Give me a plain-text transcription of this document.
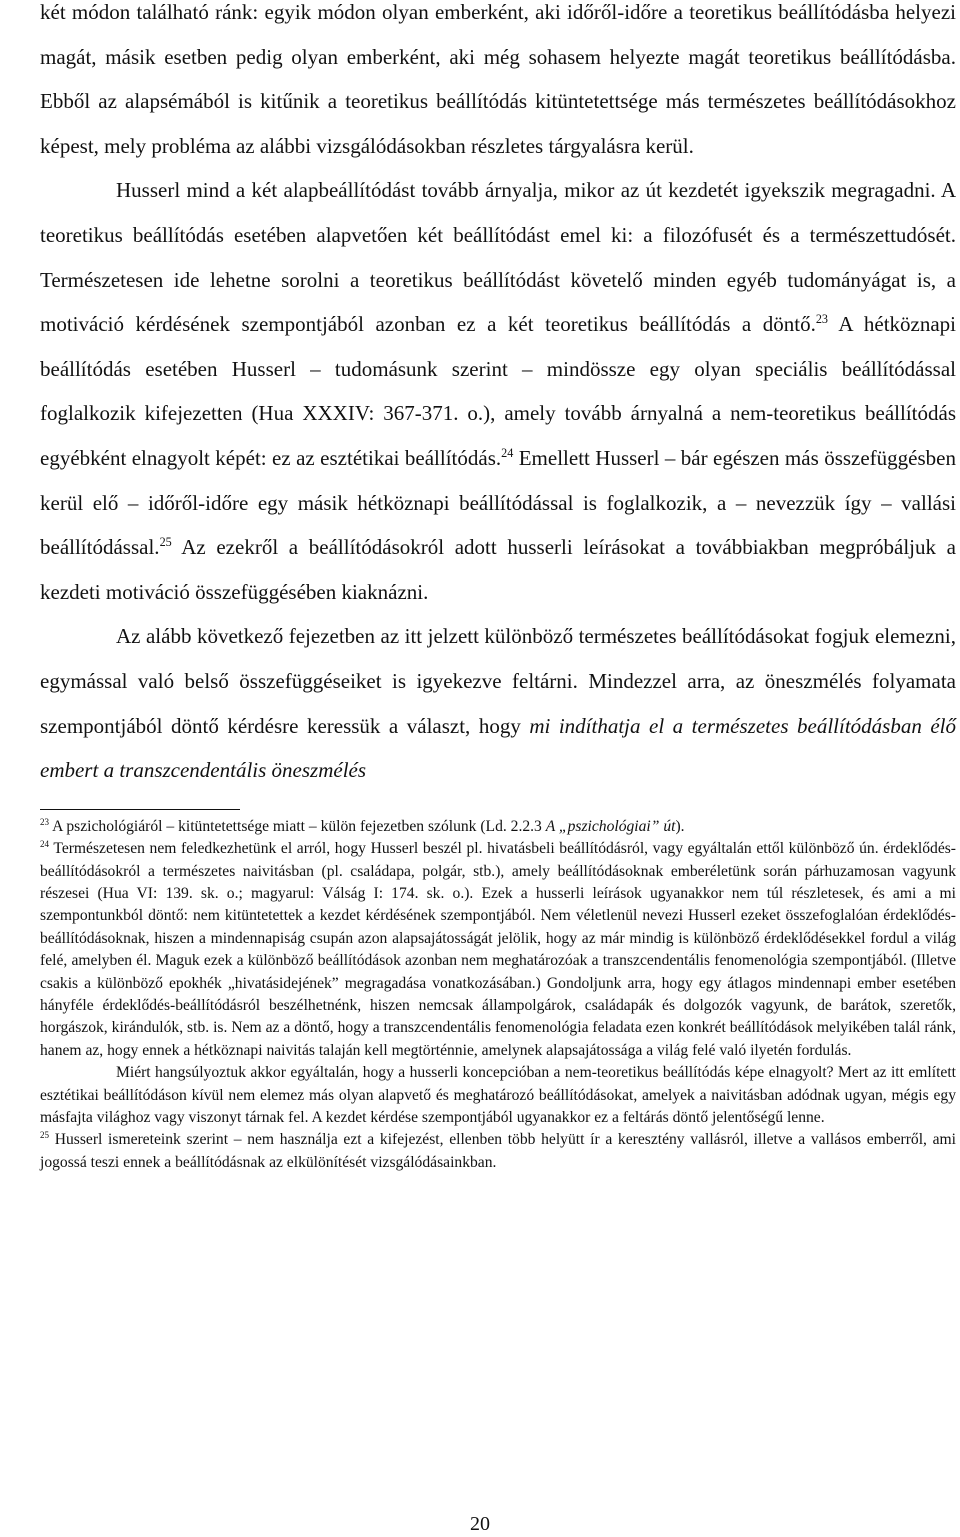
két módon található ránk: egyik módon olyan emberként, aki időről-időre a teoretikus beállítódásba helyezi magát, másik esetben pedig olyan emberként, aki még sohasem helyezte magát teoretikus beállítódásba. Ebből az alapsémából is kitűnik a teoretikus beállítódás kitüntetettsége más természetes beállítódásokhoz képest, mely probléma az alábbi vizsgálódásokban részletes tárgyalásra kerül.

Husserl mind a két alapbeállítódást tovább árnyalja, mikor az út kezdetét igyekszik megragadni. A teoretikus beállítódás esetében alapvetően két beállítódást emel ki: a filozófusét és a természettudósét. Természetesen ide lehetne sorolni a teoretikus beállítódást követelő minden egyéb tudományágat is, a motiváció kérdésének szempontjából azonban ez a két teoretikus beállítódás a döntő.$^{23}$ A hétköznapi beállítódás esetében Husserl – tudomásunk szerint – mindössze egy olyan speciális beállítódással foglalkozik kifejezetten (Hua XXXIV: 367-371. o.), amely tovább árnyalná a nem-teoretikus beállítódás egyébként elnagyolt képét: ez az esztétikai beállítódás.$^{24}$ Emellett Husserl – bár egészen más összefüggésben kerül elő – időről-időre egy másik hétköznapi beállítódással is foglalkozik, a – nevezzük így – vallási beállítódással.$^{25}$ Az ezekről a beállítódásokról adott husserli leírásokat a továbbiakban megpróbáljuk a kezdeti motiváció összefüggésében kiaknázni.

Az alább következő fejezetben az itt jelzett különböző természetes beállítódásokat fogjuk elemezni, egymással való belső összefüggéseiket is igyekezve feltárni. Mindezzel arra, az öneszmélés folyamata szempontjából döntő kérdésre keressük a választ, hogy mi indíthatja el a természetes beállítódásban élő embert a transzcendentális öneszmélés

$^{23}$ A pszichológiáról – kitüntetettsége miatt – külön fejezetben szólunk (Ld. 2.2.3 A „pszichológiai” út).

$^{24}$ Természetesen nem feledkezhetünk el arról, hogy Husserl beszél pl. hivatásbeli beállítódásról, vagy egyáltalán ettől különböző ún. érdeklődés-beállítódásokról a természetes naivitásban (pl. családapa, polgár, stb.), amely beállítódásoknak emberéletünk során párhuzamosan vagyunk részesei (Hua VI: 139. sk. o.; magyarul: Válság I: 174. sk. o.). Ezek a husserli leírások ugyanakkor nem túl részletesek, és ami a mi szempontunkból döntő: nem kitüntetettek a kezdet kérdésének szempontjából. Nem véletlenül nevezi Husserl ezeket összefoglalóan érdeklődés-beállítódásoknak, hiszen a mindennapiság csupán azon alapsajátosságát jelölik, hogy az már mindig is különböző érdeklődésekkel fordul a világ felé, amelyben él. Maguk ezek a különböző beállítódások azonban nem meghatározóak a transzcendentális fenomenológia szempontjából. (Illetve csakis a különböző epokhék „hivatásidejének” megragadása vonatkozásában.) Gondoljunk arra, hogy egy átlagos mindennapi ember esetében hányféle érdeklődés-beállítódásról beszélhetnénk, hiszen nemcsak állampolgárok, családapák és dolgozók vagyunk, de barátok, szeretők, horgászok, kirándulók, stb. is. Nem az a döntő, hogy a transzcendentális fenomenológia feladata ezen konkrét beállítódások melyikében talál ránk, hanem az, hogy ennek a hétköznapi naivitás talaján kell megtörténnie, amelynek alapsajátossága a világ felé való ilyetén fordulás.

Miért hangsúlyoztuk akkor egyáltalán, hogy a husserli koncepcióban a nem-teoretikus beállítódás képe elnagyolt? Mert az itt említett esztétikai beállítódáson kívül nem elemez más olyan alapvető és meghatározó beállítódásokat, amelyek a naivitásban adódnak ugyan, mégis egy másfajta világhoz vagy viszonyt tárnak fel. A kezdet kérdése szempontjából ugyanakkor ez a feltárás döntő jelentőségű lenne.

$^{25}$ Husserl ismereteink szerint – nem használja ezt a kifejezést, ellenben több helyütt ír a keresztény vallásról, illetve a vallásos emberről, ami jogossá teszi ennek a beállítódásnak az elkülönítését vizsgálódásainkban.

20
